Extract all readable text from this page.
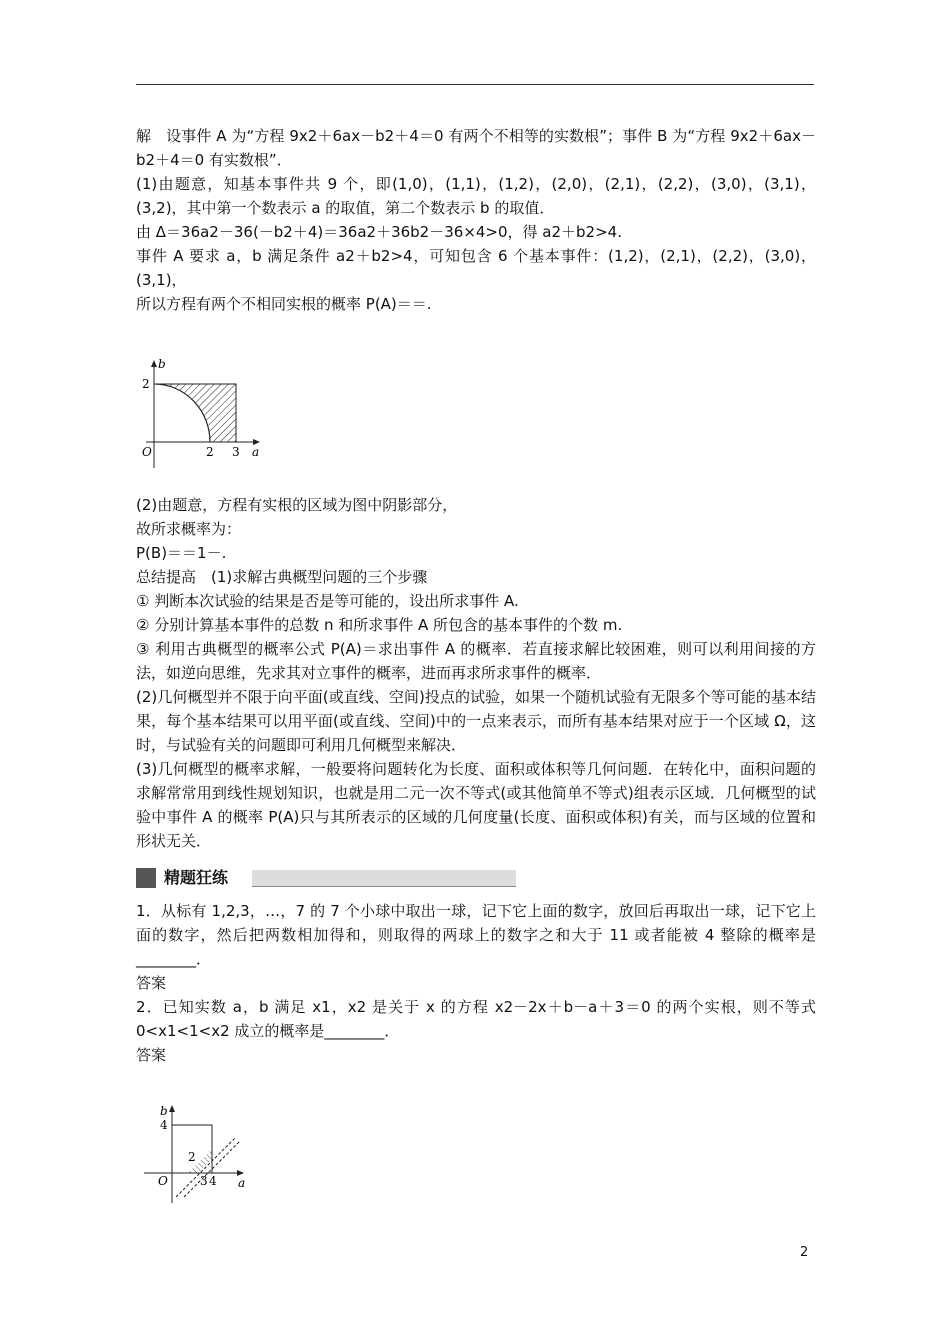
解　设事件 A 为“方程 9x2＋6ax－b2＋4＝0 有两个不相等的实数根”；事件 B 为“方程 9x2＋6ax－b2＋4＝0 有实数根”．

(1)由题意，知基本事件共 9 个，即(1,0)，(1,1)，(1,2)，(2,0)，(2,1)，(2,2)，(3,0)，(3,1)，(3,2)，其中第一个数表示 a 的取值，第二个数表示 b 的取值．

由 Δ＝36a2－36(－b2＋4)＝36a2＋36b2－36×4>0，得 a2＋b2>4.

事件 A 要求 a，b 满足条件 a2＋b2>4，可知包含 6 个基本事件：(1,2)，(2,1)，(2,2)，(3,0)，(3,1)，

所以方程有两个不相同实根的概率 P(A)＝＝.

b
2
O	2 3 a

(2)由题意，方程有实根的区域为图中阴影部分，

故所求概率为：

P(B)＝＝1－.

总结提高　(1)求解古典概型问题的三个步骤

① 判断本次试验的结果是否是等可能的，设出所求事件 A.

② 分别计算基本事件的总数 n 和所求事件 A 所包含的基本事件的个数 m.

③ 利用古典概型的概率公式 P(A)＝求出事件 A 的概率．若直接求解比较困难，则可以利用间接的方法，如逆向思维，先求其对立事件的概率，进而再求所求事件的概率．

(2)几何概型并不限于向平面(或直线、空间)投点的试验，如果一个随机试验有无限多个等可能的基本结果，每个基本结果可以用平面(或直线、空间)中的一点来表示，而所有基本结果对应于一个区域 Ω，这时，与试验有关的问题即可利用几何概型来解决．

(3)几何概型的概率求解，一般要将问题转化为长度、面积或体积等几何问题．在转化中，面积问题的求解常常用到线性规划知识，也就是用二元一次不等式(或其他简单不等式)组表示区域．几何概型的试验中事件 A 的概率 P(A)只与其所表示的区域的几何度量(长度、面积或体积)有关，而与区域的位置和形状无关．

精题狂练

1．从标有 1,2,3，…，7 的 7 个小球中取出一球，记下它上面的数字，放回后再取出一球，记下它上面的数字，然后把两数相加得和，则取得的两球上的数字之和大于 11 或者能被 4 整除的概率是________．

答案

2．已知实数 a，b 满足 x1，x2 是关于 x 的方程 x2－2x＋b－a＋3＝0 的两个实根，则不等式 0<x1<1<x2 成立的概率是________．

答案

b
4
2
O	3 4 a
2
